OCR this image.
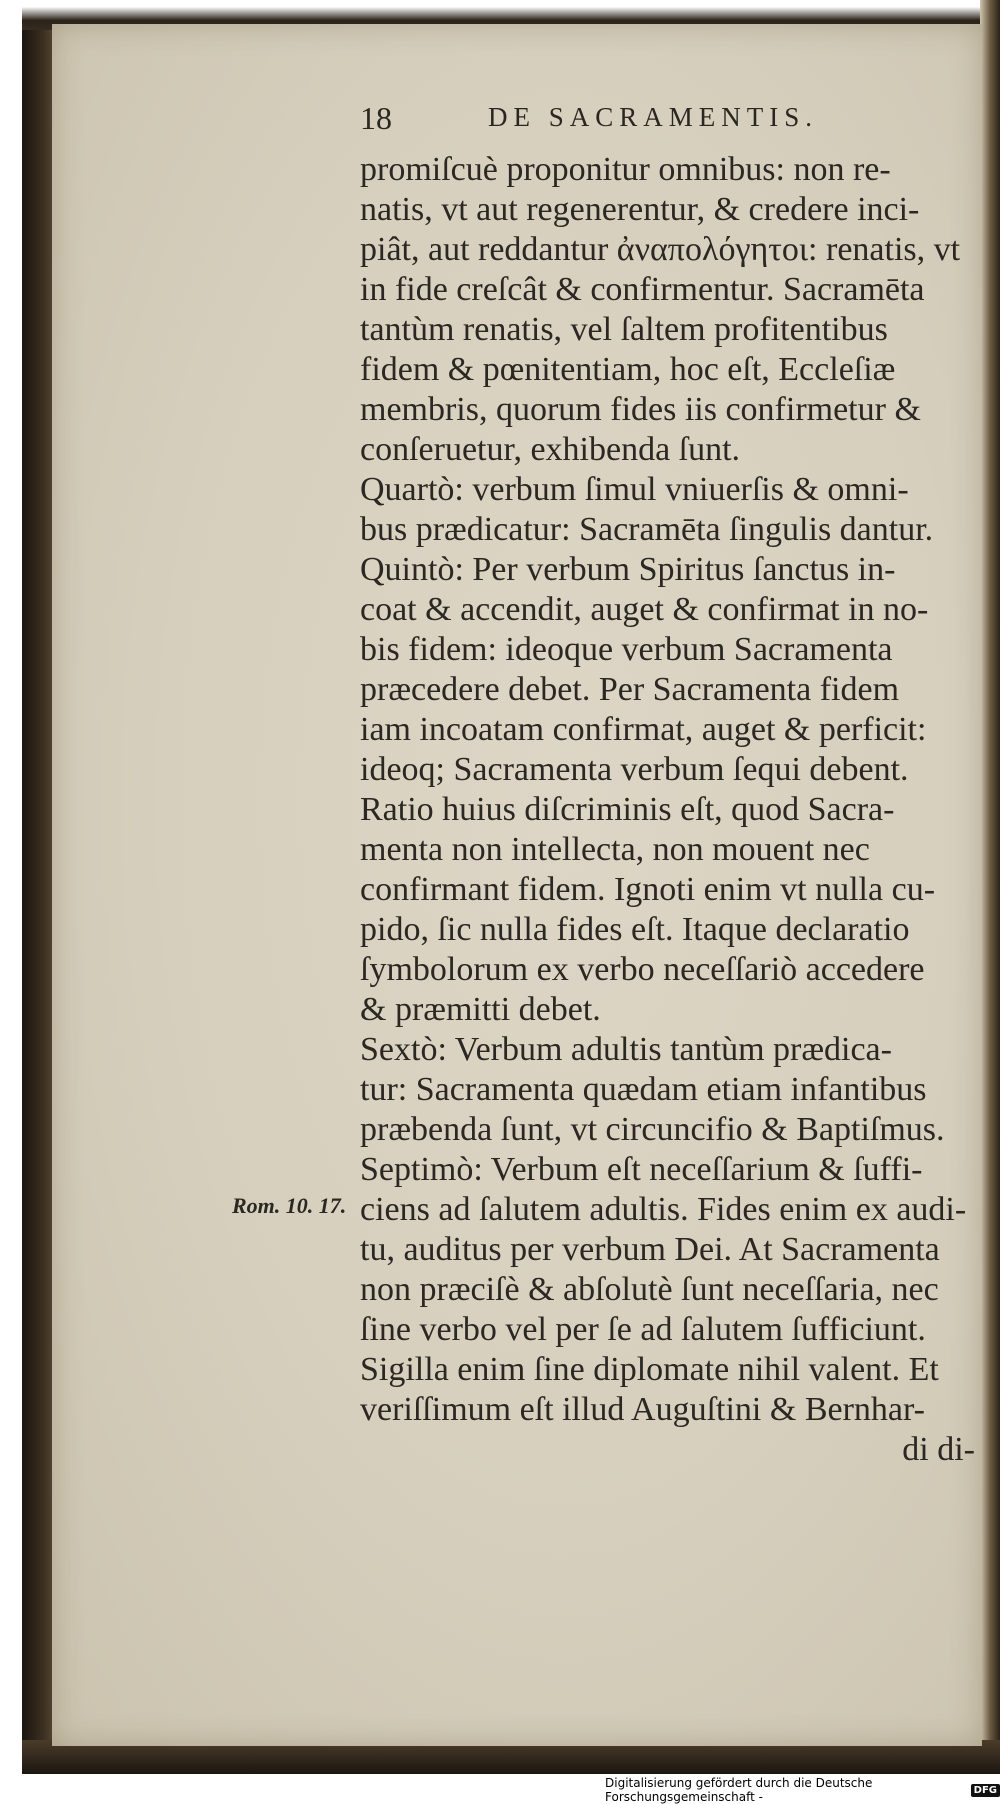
18	DE SACRAMENTIS.
promiſcuè proponitur omnibus: non re-
natis, vt aut regenerentur, & credere inci-
piât, aut reddantur ἀναπολόγητοι: renatis, vt
in fide creſcât & confirmentur. Sacramēta
tantùm renatis, vel ſaltem profitentibus
fidem & pœnitentiam, hoc eſt, Eccleſiæ
membris, quorum fides iis confirmetur &
conſeruetur, exhibenda ſunt.
Quartò: verbum ſimul vniuerſis & omni-
bus prædicatur: Sacramēta ſingulis dantur.
Quintò: Per verbum Spiritus ſanctus in-
coat & accendit, auget & confirmat in no-
bis fidem: ideoque verbum Sacramenta
præcedere debet. Per Sacramenta fidem
iam incoatam confirmat, auget & perficit:
ideoq; Sacramenta verbum ſequi debent.
Ratio huius diſcriminis eſt, quod Sacra-
menta non intellecta, non mouent nec
confirmant fidem. Ignoti enim vt nulla cu-
pido, ſic nulla fides eſt. Itaque declaratio
ſymbolorum ex verbo neceſſariò accedere
& præmitti debet.
Sextò: Verbum adultis tantùm prædica-
tur: Sacramenta quædam etiam infantibus
præbenda ſunt, vt circuncifio & Baptiſmus.
Septimò: Verbum eſt neceſſarium & ſuffi-
ciens ad ſalutem adultis. Fides enim ex audi-
tu, auditus per verbum Dei. At Sacramenta
non præciſè & abſolutè ſunt neceſſaria, nec
ſine verbo vel per ſe ad ſalutem ſufficiunt.
Sigilla enim ſine diplomate nihil valent. Et
veriſſimum eſt illud Auguſtini & Bernhar-
di di-
Rom. 10. 17.
Digitalisierung gefördert durch die Deutsche Forschungsgemeinschaft -	DFG
